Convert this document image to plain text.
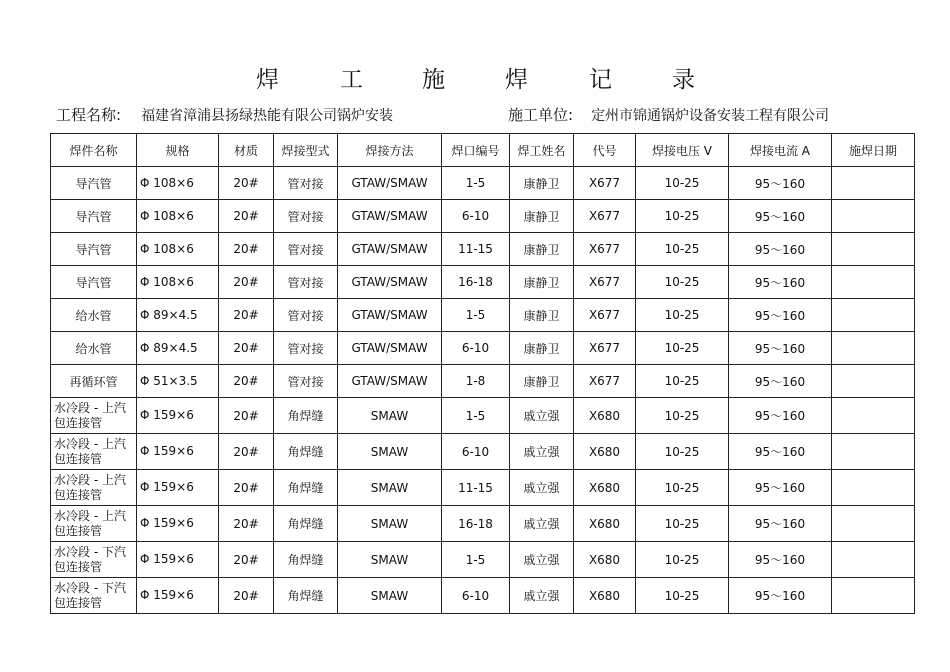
焊	工	施	焊	记	录
工程名称: 福建省漳浦县扬绿热能有限公司锅炉安装	施工单位: 定州市锦通锅炉设备安装工程有限公司
焊件名称	规格	材质	焊接型式	焊接方法	焊口编号	焊工姓名	代号	焊接电压 V	焊接电流 A	施焊日期
导汽管	Φ 108×6	20#	管对接	GTAW/SMAW	1-5	康静卫	X677	10-25	95～160	
导汽管	Φ 108×6	20#	管对接	GTAW/SMAW	6-10	康静卫	X677	10-25	95～160	
导汽管	Φ 108×6	20#	管对接	GTAW/SMAW	11-15	康静卫	X677	10-25	95～160	
导汽管	Φ 108×6	20#	管对接	GTAW/SMAW	16-18	康静卫	X677	10-25	95～160	
给水管	Φ 89×4.5	20#	管对接	GTAW/SMAW	1-5	康静卫	X677	10-25	95～160	
给水管	Φ 89×4.5	20#	管对接	GTAW/SMAW	6-10	康静卫	X677	10-25	95～160	
再循环管	Φ 51×3.5	20#	管对接	GTAW/SMAW	1-8	康静卫	X677	10-25	95～160	
水冷段 - 上汽包连接管	Φ 159×6	20#	角焊缝	SMAW	1-5	戚立强	X680	10-25	95～160	
水冷段 - 上汽包连接管	Φ 159×6	20#	角焊缝	SMAW	6-10	戚立强	X680	10-25	95～160	
水冷段 - 上汽包连接管	Φ 159×6	20#	角焊缝	SMAW	11-15	戚立强	X680	10-25	95～160	
水冷段 - 上汽包连接管	Φ 159×6	20#	角焊缝	SMAW	16-18	戚立强	X680	10-25	95～160	
水冷段 - 下汽包连接管	Φ 159×6	20#	角焊缝	SMAW	1-5	戚立强	X680	10-25	95～160	
水冷段 - 下汽包连接管	Φ 159×6	20#	角焊缝	SMAW	6-10	戚立强	X680	10-25	95～160	
